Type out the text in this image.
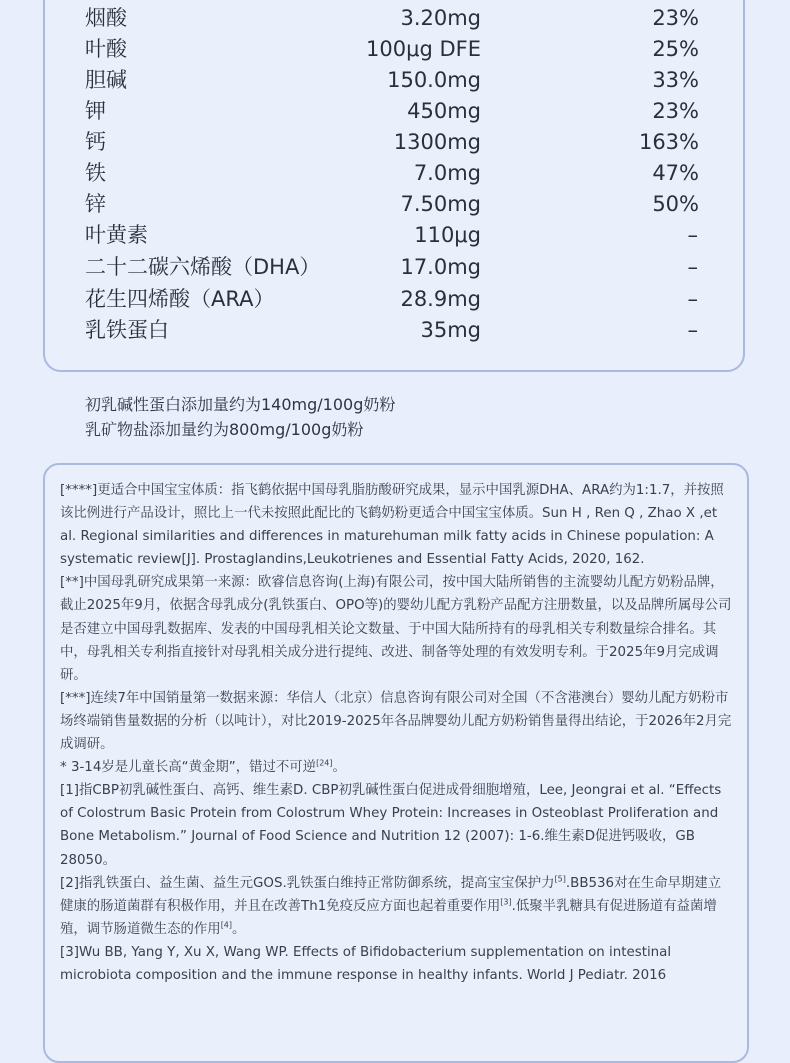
烟酸	3.20mg	23%
叶酸	100μg DFE	25%
胆碱	150.0mg	33%
钾	450mg	23%
钙	1300mg	163%
铁	7.0mg	47%
锌	7.50mg	50%
叶黄素	110μg	–
二十二碳六烯酸（DHA）	17.0mg	–
花生四烯酸（ARA）	28.9mg	–
乳铁蛋白	35mg	–
初乳碱性蛋白添加量约为140mg/100g奶粉
乳矿物盐添加量约为800mg/100g奶粉

[****]更适合中国宝宝体质：指飞鹤依据中国母乳脂肪酸研究成果，显示中国乳源DHA、ARA约为1:1.7，并按照该比例进行产品设计，照比上一代未按照此配比的飞鹤奶粉更适合中国宝宝体质。Sun H , Ren Q , Zhao X ,et al. Regional similarities and differences in maturehuman milk fatty acids in Chinese population: A systematic review[J]. Prostaglandins,Leukotrienes and Essential Fatty Acids, 2020, 162.

[**]中国母乳研究成果第一来源：欧睿信息咨询(上海)有限公司，按中国大陆所销售的主流婴幼儿配方奶粉品牌，截止2025年9月，依据含母乳成分(乳铁蛋白、OPO等)的婴幼儿配方乳粉产品配方注册数量，以及品牌所属母公司是否建立中国母乳数据库、发表的中国母乳相关论文数量、于中国大陆所持有的母乳相关专利数量综合排名。其中，母乳相关专利指直接针对母乳相关成分进行提纯、改进、制备等处理的有效发明专利。于2025年9月完成调研。

[***]连续7年中国销量第一数据来源：华信人（北京）信息咨询有限公司对全国（不含港澳台）婴幼儿配方奶粉市场终端销售量数据的分析（以吨计），对比2019-2025年各品牌婴幼儿配方奶粉销售量得出结论，于2026年2月完成调研。

* 3-14岁是儿童长高“黄金期”，错过不可逆[24]。

[1]指CBP初乳碱性蛋白、高钙、维生素D. CBP初乳碱性蛋白促进成骨细胞增殖，Lee, Jeongrai et al. “Effects of Colostrum Basic Protein from Colostrum Whey Protein: Increases in Osteoblast Proliferation and Bone Metabolism.” Journal of Food Science and Nutrition 12 (2007): 1-6.维生素D促进钙吸收，GB 28050。

[2]指乳铁蛋白、益生菌、益生元GOS.乳铁蛋白维持正常防御系统，提高宝宝保护力[5].BB536对在生命早期建立健康的肠道菌群有积极作用，并且在改善Th1免疫反应方面也起着重要作用[3].低聚半乳糖具有促进肠道有益菌增殖，调节肠道微生态的作用[4]。

[3]Wu BB, Yang Y, Xu X, Wang WP. Effects of Bifidobacterium supplementation on intestinal microbiota composition and the immune response in healthy infants. World J Pediatr. 2016
